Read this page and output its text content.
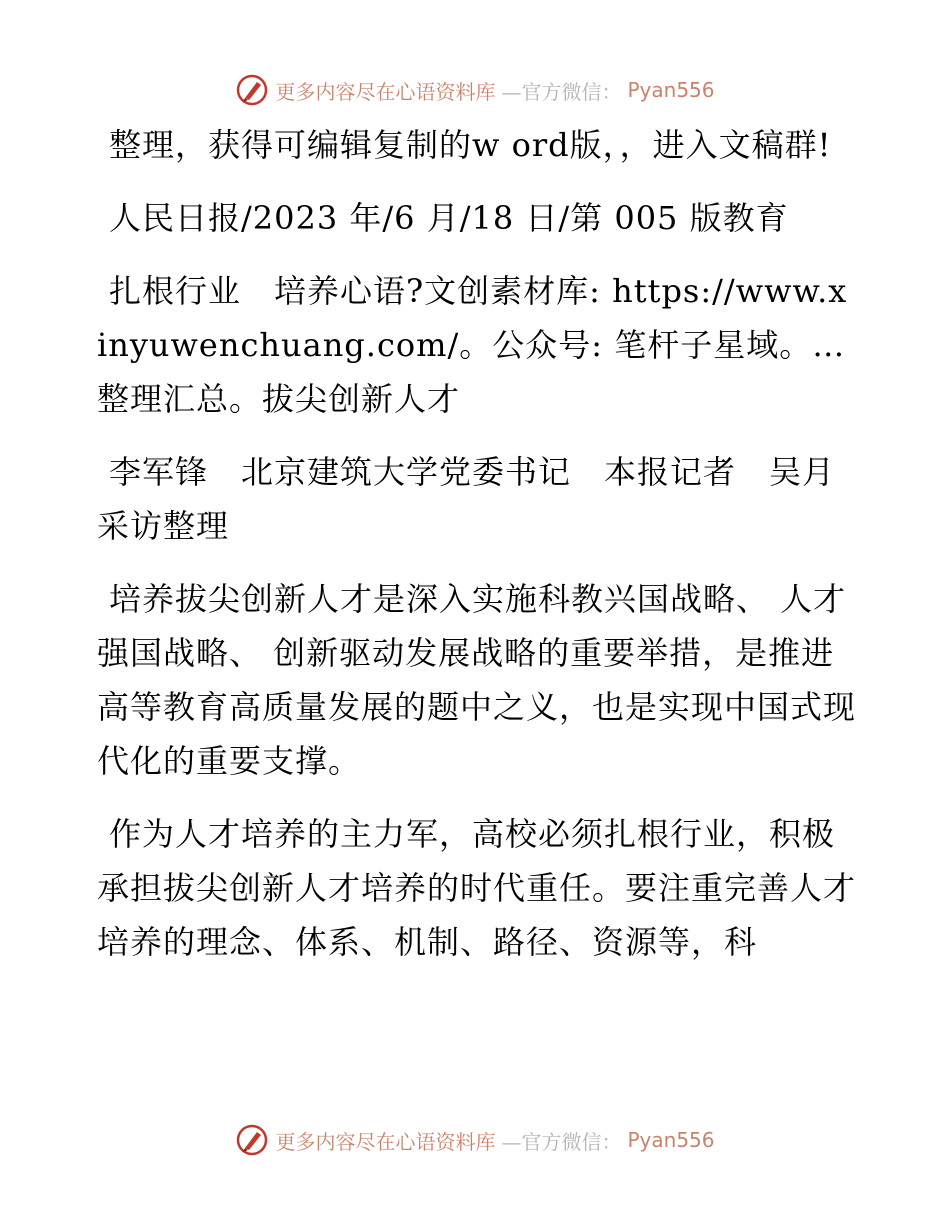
更多内容尽在心语资料库 —官方微信： Pyan556

整理，获得可编辑复制的w ord版，，进入文稿群!

人民日报/2023 年/6 月/18 日/第 005 版教育

扎根行业　培养心语?文创素材库: https://www.xinyuwenchuang.com/。公众号: 笔杆子星域。…整理汇总。拔尖创新人才

李军锋　北京建筑大学党委书记　本报记者　吴月　采访整理

培养拔尖创新人才是深入实施科教兴国战略、 人才强国战略、 创新驱动发展战略的重要举措，是推进高等教育高质量发展的题中之义，也是实现中国式现代化的重要支撑。

作为人才培养的主力军，高校必须扎根行业，积极承担拔尖创新人才培养的时代重任。要注重完善人才培养的理念、体系、机制、路径、资源等，科

更多内容尽在心语资料库 —官方微信： Pyan556
